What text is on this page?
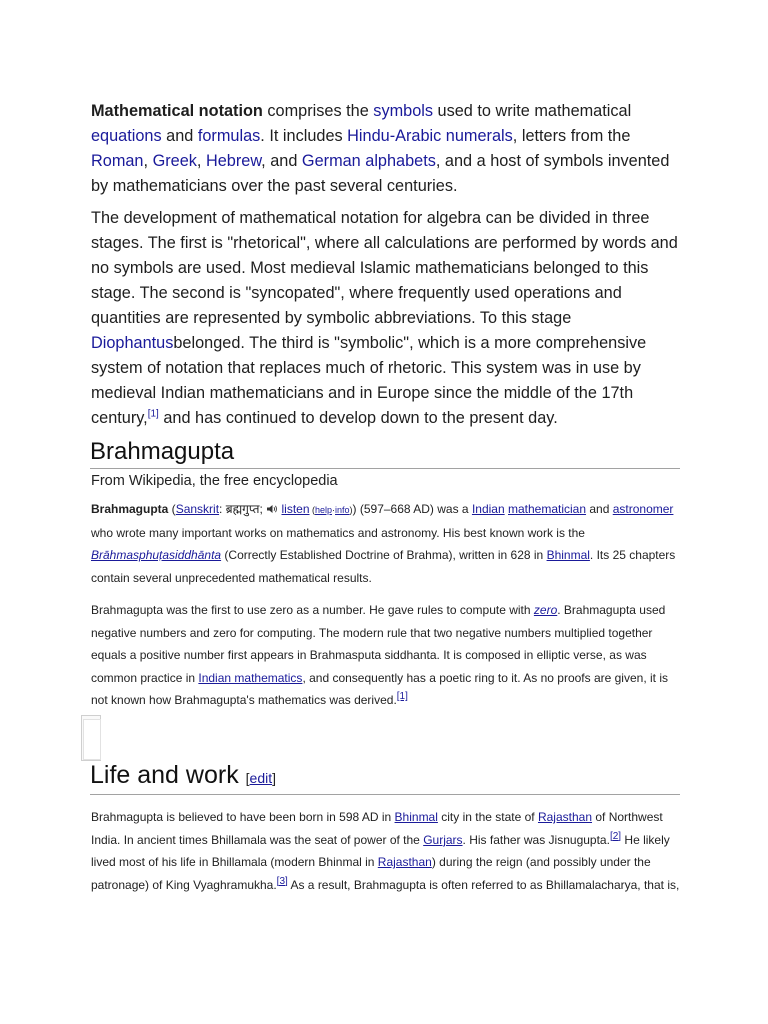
Mathematical notation comprises the symbols used to write mathematical equations and formulas. It includes Hindu-Arabic numerals, letters from the Roman, Greek, Hebrew, and German alphabets, and a host of symbols invented by mathematicians over the past several centuries.
The development of mathematical notation for algebra can be divided in three stages. The first is "rhetorical", where all calculations are performed by words and no symbols are used. Most medieval Islamic mathematicians belonged to this stage. The second is "syncopated", where frequently used operations and quantities are represented by symbolic abbreviations. To this stage Diophantusbelonged. The third is "symbolic", which is a more comprehensive system of notation that replaces much of rhetoric. This system was in use by medieval Indian mathematicians and in Europe since the middle of the 17th century,[1] and has continued to develop down to the present day.
Brahmagupta
From Wikipedia, the free encyclopedia
Brahmagupta (Sanskrit: ब्रह्मगुप्त;  listen (help·info)) (597–668 AD) was a Indian mathematician and astronomer who wrote many important works on mathematics and astronomy. His best known work is the Brāhmasphuṭasiddhānta (Correctly Established Doctrine of Brahma), written in 628 in Bhinmal. Its 25 chapters contain several unprecedented mathematical results.
Brahmagupta was the first to use zero as a number. He gave rules to compute with zero. Brahmagupta used negative numbers and zero for computing. The modern rule that two negative numbers multiplied together equals a positive number first appears in Brahmasputa siddhanta. It is composed in elliptic verse, as was common practice in Indian mathematics, and consequently has a poetic ring to it. As no proofs are given, it is not known how Brahmagupta's mathematics was derived.[1]
Life and work [edit]
Brahmagupta is believed to have been born in 598 AD in Bhinmal city in the state of Rajasthan of Northwest India. In ancient times Bhillamala was the seat of power of the Gurjars. His father was Jisnugupta.[2] He likely lived most of his life in Bhillamala (modern Bhinmal in Rajasthan) during the reign (and possibly under the patronage) of King Vyaghramukha.[3] As a result, Brahmagupta is often referred to as Bhillamalacharya, that is,
